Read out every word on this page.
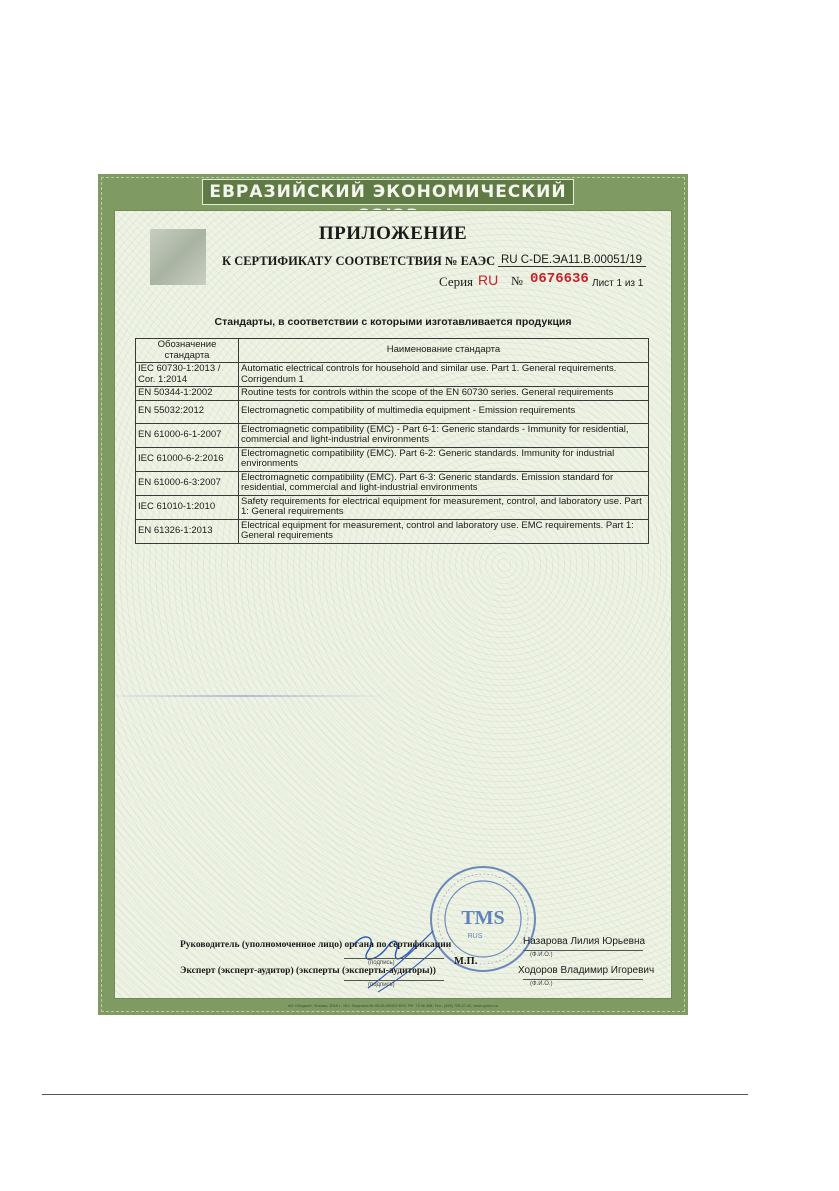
ЕВРАЗИЙСКИЙ ЭКОНОМИЧЕСКИЙ
ПРИЛОЖЕНИЕ
К СЕРТИФИКАТУ СООТВЕТСТВИЯ № ЕАЭС RU C-DE.ЭА11.В.00051/19
Серия RU № 0676636 Лист 1 из 1
Стандарты, в соответствии с которыми изготавливается продукция
Обозначение стандарта	Наименование стандарта
IEC 60730-1:2013 / Cor. 1:2014	Automatic electrical controls for household and similar use. Part 1. General requirements. Corrigendum 1
EN 50344-1:2002	Routine tests for controls within the scope of the EN 60730 series. General requirements
EN 55032:2012	Electromagnetic compatibility of multimedia equipment - Emission requirements
EN 61000-6-1-2007	Electromagnetic compatibility (EMC) - Part 6-1: Generic standards - Immunity for residential, commercial and light-industrial environments
IEC 61000-6-2:2016	Electromagnetic compatibility (EMC). Part 6-2: Generic standards. Immunity for industrial environments
EN 61000-6-3:2007	Electromagnetic compatibility (EMC). Part 6-3: Generic standards. Emission standard for residential, commercial and light-industrial environments
IEC 61010-1:2010	Safety requirements for electrical equipment for measurement, control, and laboratory use. Part 1: General requirements
EN 61326-1:2013	Electrical equipment for measurement, control and laboratory use. EMC requirements. Part 1: General requirements
TMS
RUS
Руководитель (уполномоченное лицо) органа по сертификации
(подпись)	М.П.
Назарова Лилия Юрьевна
(Ф.И.О.)
Эксперт (эксперт-аудитор) (эксперты (эксперты-аудиторы))
(подпись)
Ходоров Владимир Игоревич
(Ф.И.О.)
АО «Опцион», Москва, 2018 г., «Б». Лицензия № 05-05-09/003 ФНС РФ. ТЗ № 368. Тел.: (495) 726-47-42, www.opcion.ru
